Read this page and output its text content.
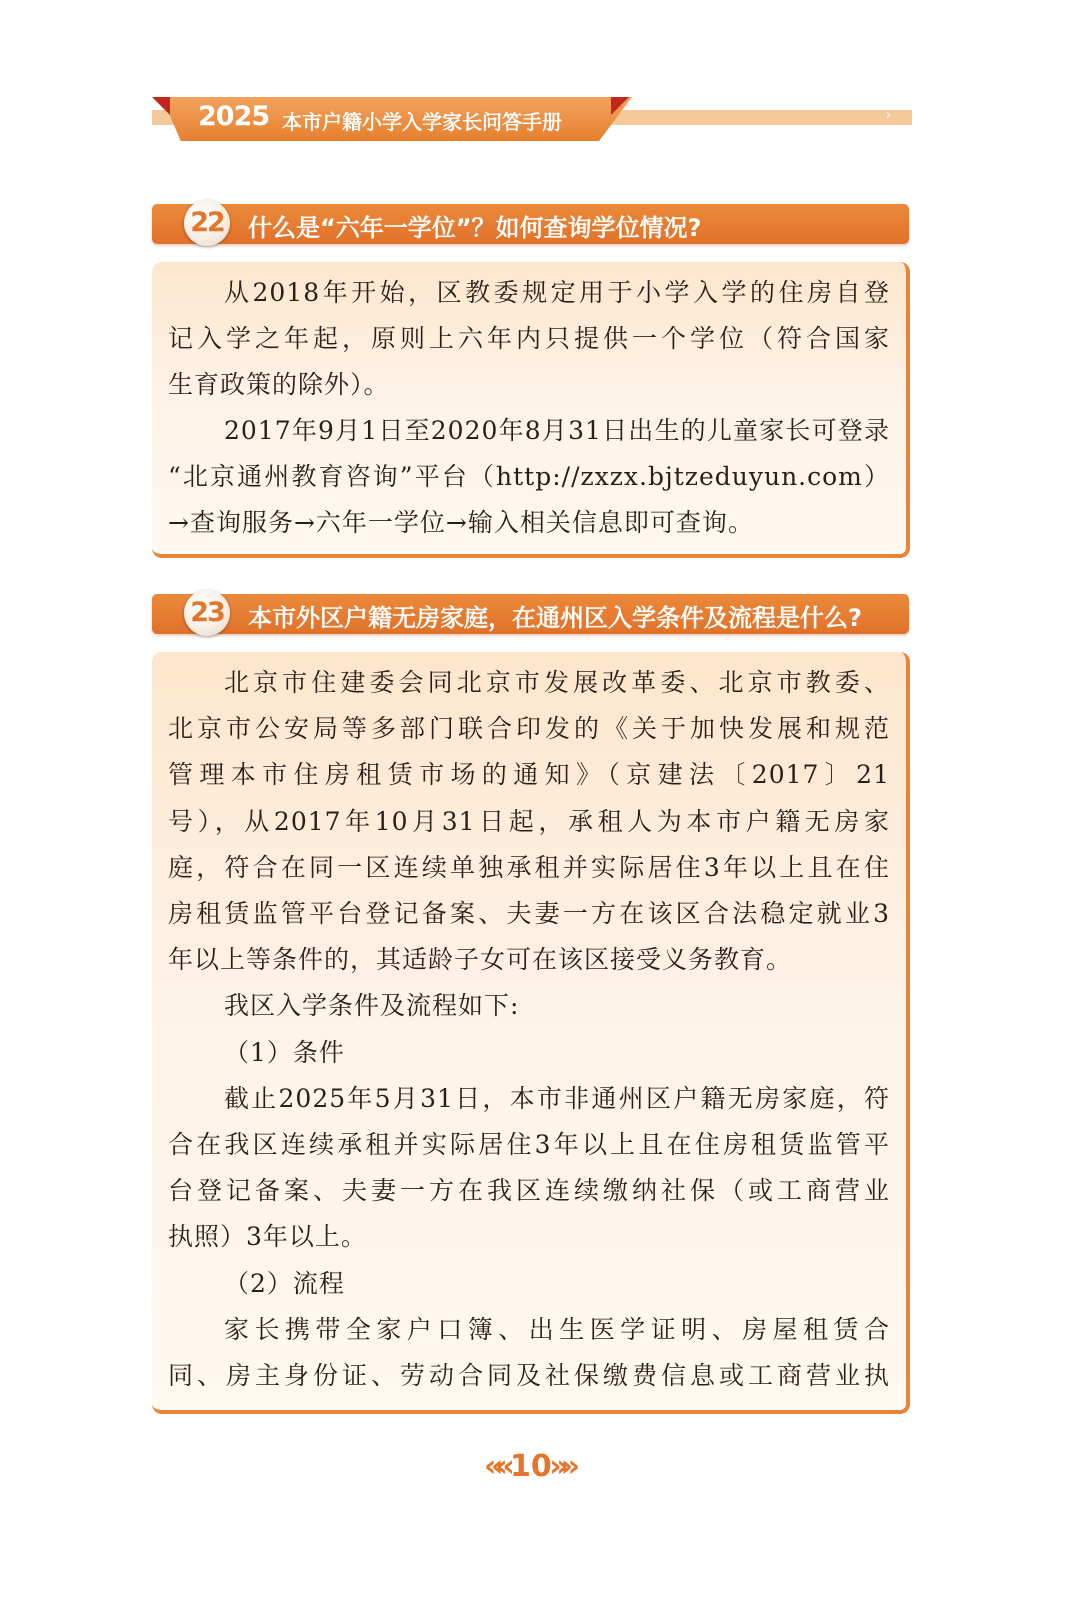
2025 本市户籍小学入学家长问答手册	›
22 什么是“六年一学位”？如何查询学位情况?

从2018年开始，区教委规定用于小学入学的住房自登

记入学之年起，原则上六年内只提供一个学位（符合国家

生育政策的除外）。

2017年9月1日至2020年8月31日出生的儿童家长可登录

“北京通州教育咨询”平台（http://zxzx.bjtzeduyun.com）

→查询服务→六年一学位→输入相关信息即可查询。

23 本市外区户籍无房家庭，在通州区入学条件及流程是什么?

北京市住建委会同北京市发展改革委、北京市教委、

北京市公安局等多部门联合印发的《关于加快发展和规范

管理本市住房租赁市场的通知》（京建法〔2017〕21

号），从2017年10月31日起，承租人为本市户籍无房家

庭，符合在同一区连续单独承租并实际居住3年以上且在住

房租赁监管平台登记备案、夫妻一方在该区合法稳定就业3

年以上等条件的，其适龄子女可在该区接受义务教育。

我区入学条件及流程如下:

（1）条件

截止2025年5月31日，本市非通州区户籍无房家庭，符

合在我区连续承租并实际居住3年以上且在住房租赁监管平

台登记备案、夫妻一方在我区连续缴纳社保（或工商营业

执照）3年以上。

（2）流程

家长携带全家户口簿、出生医学证明、房屋租赁合

同、房主身份证、劳动合同及社保缴费信息或工商营业执

«« 10
»»
